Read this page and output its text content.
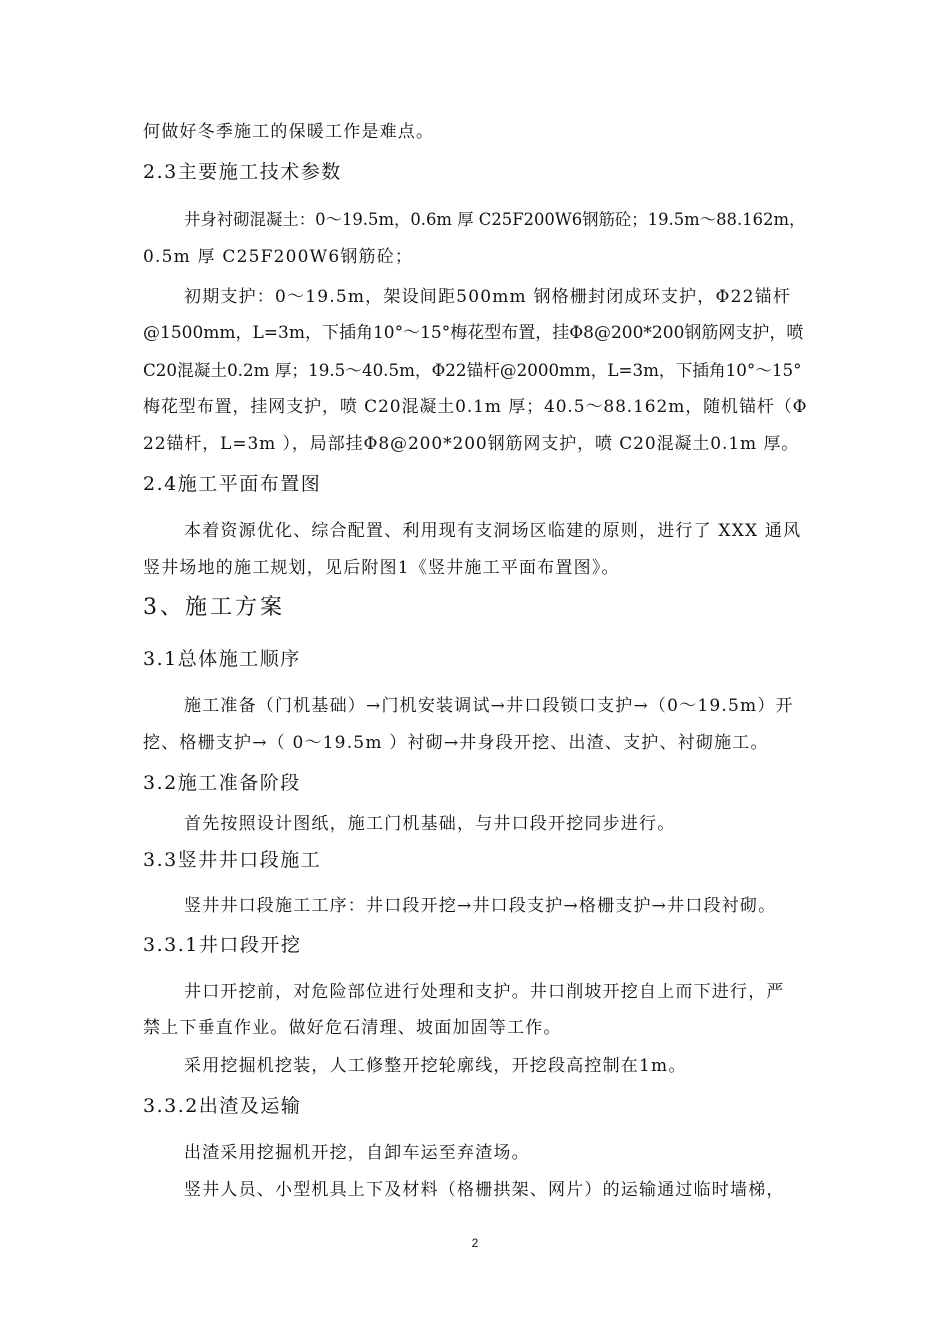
何做好冬季施工的保暖工作是难点。
2.3主要施工技术参数
井身衬砌混凝土：0～19.5m，0.6m 厚 C25F200W6钢筋砼；19.5m～88.162m，
0.5m 厚 C25F200W6钢筋砼；
初期支护：0～19.5m，架设间距500mm 钢格栅封闭成环支护，Φ22锚杆
@1500mm，L=3m，下插角10°～15°梅花型布置，挂Φ8@200*200钢筋网支护，喷
C20混凝土0.2m 厚；19.5～40.5m，Φ22锚杆@2000mm，L=3m，下插角10°～15°
梅花型布置，挂网支护，喷 C20混凝土0.1m 厚；40.5～88.162m，随机锚杆（Φ
22锚杆，L=3m ），局部挂Φ8@200*200钢筋网支护，喷 C20混凝土0.1m 厚。
2.4施工平面布置图
本着资源优化、综合配置、利用现有支洞场区临建的原则，进行了 XXX 通风
竖井场地的施工规划，见后附图1《竖井施工平面布置图》。
3、施工方案
3.1总体施工顺序
施工准备（门机基础）→门机安装调试→井口段锁口支护→（0～19.5m）开
挖、格栅支护→（ 0～19.5m ）衬砌→井身段开挖、出渣、支护、衬砌施工。
3.2施工准备阶段
首先按照设计图纸，施工门机基础，与井口段开挖同步进行。
3.3竖井井口段施工
竖井井口段施工工序：井口段开挖→井口段支护→格栅支护→井口段衬砌。
3.3.1井口段开挖
井口开挖前，对危险部位进行处理和支护。井口削坡开挖自上而下进行，严
禁上下垂直作业。做好危石清理、坡面加固等工作。
采用挖掘机挖装，人工修整开挖轮廓线，开挖段高控制在1m。
3.3.2出渣及运输
出渣采用挖掘机开挖，自卸车运至弃渣场。
竖井人员、小型机具上下及材料（格栅拱架、网片）的运输通过临时墙梯，
2
